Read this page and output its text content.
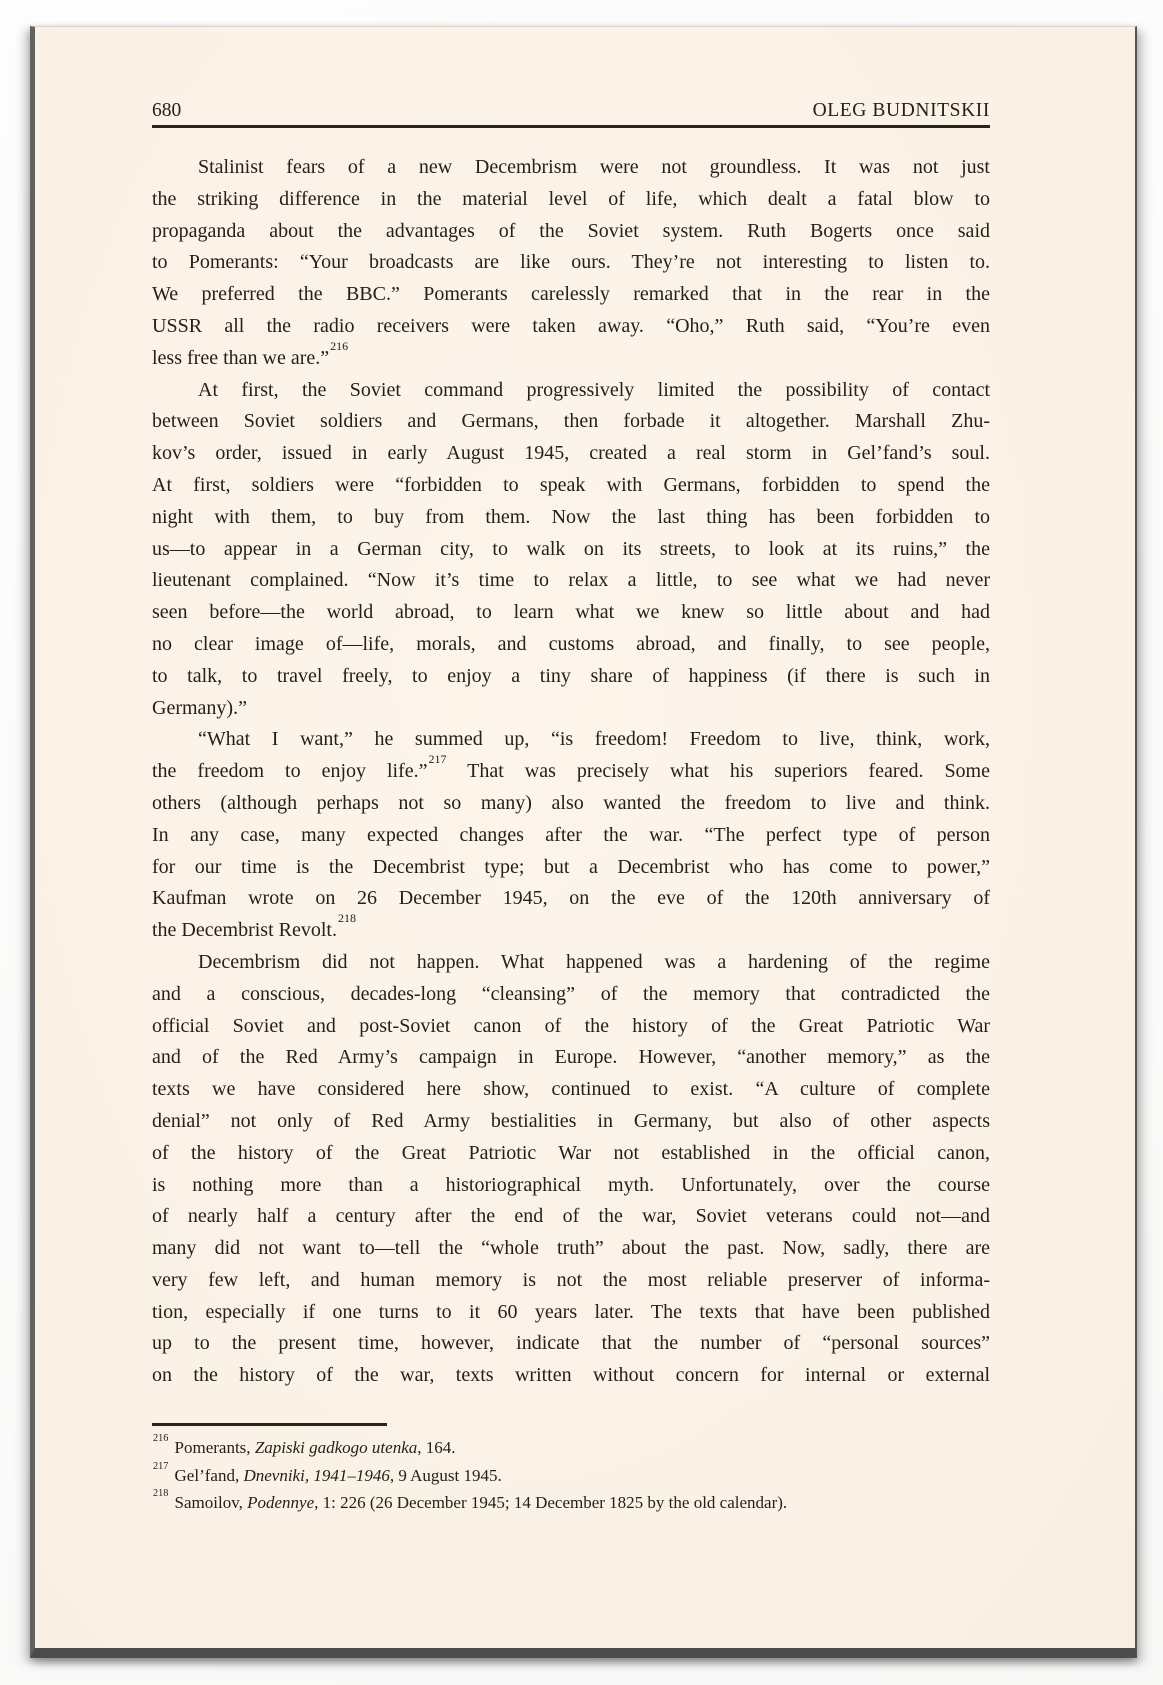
680	OLEG BUDNITSKII
Stalinist fears of a new Decembrism were not groundless. It was not just
the striking difference in the material level of life, which dealt a fatal blow to
propaganda about the advantages of the Soviet system. Ruth Bogerts once said
to Pomerants: “Your broadcasts are like ours. They’re not interesting to listen to.
We preferred the BBC.” Pomerants carelessly remarked that in the rear in the
USSR all the radio receivers were taken away. “Oho,” Ruth said, “You’re even
less free than we are.”$^{216}$
At first, the Soviet command progressively limited the possibility of contact
between Soviet soldiers and Germans, then forbade it altogether. Marshall Zhu-
kov’s order, issued in early August 1945, created a real storm in Gel’fand’s soul.
At first, soldiers were “forbidden to speak with Germans, forbidden to spend the
night with them, to buy from them. Now the last thing has been forbidden to
us—to appear in a German city, to walk on its streets, to look at its ruins,” the
lieutenant complained. “Now it’s time to relax a little, to see what we had never
seen before—the world abroad, to learn what we knew so little about and had
no clear image of—life, morals, and customs abroad, and finally, to see people,
to talk, to travel freely, to enjoy a tiny share of happiness (if there is such in
Germany).”
“What I want,” he summed up, “is freedom! Freedom to live, think, work,
the freedom to enjoy life.”$^{217}$ That was precisely what his superiors feared. Some
others (although perhaps not so many) also wanted the freedom to live and think.
In any case, many expected changes after the war. “The perfect type of person
for our time is the Decembrist type; but a Decembrist who has come to power,”
Kaufman wrote on 26 December 1945, on the eve of the 120th anniversary of
the Decembrist Revolt.$^{218}$
Decembrism did not happen. What happened was a hardening of the regime
and a conscious, decades-long “cleansing” of the memory that contradicted the
official Soviet and post-Soviet canon of the history of the Great Patriotic War
and of the Red Army’s campaign in Europe. However, “another memory,” as the
texts we have considered here show, continued to exist. “A culture of complete
denial” not only of Red Army bestialities in Germany, but also of other aspects
of the history of the Great Patriotic War not established in the official canon,
is nothing more than a historiographical myth. Unfortunately, over the course
of nearly half a century after the end of the war, Soviet veterans could not—and
many did not want to—tell the “whole truth” about the past. Now, sadly, there are
very few left, and human memory is not the most reliable preserver of informa-
tion, especially if one turns to it 60 years later. The texts that have been published
up to the present time, however, indicate that the number of “personal sources”
on the history of the war, texts written without concern for internal or external
$^{216}$ Pomerants, Zapiski gadkogo utenka, 164.
$^{217}$ Gel’fand, Dnevniki, 1941–1946, 9 August 1945.
$^{218}$ Samoilov, Podennye, 1: 226 (26 December 1945; 14 December 1825 by the old calendar).
